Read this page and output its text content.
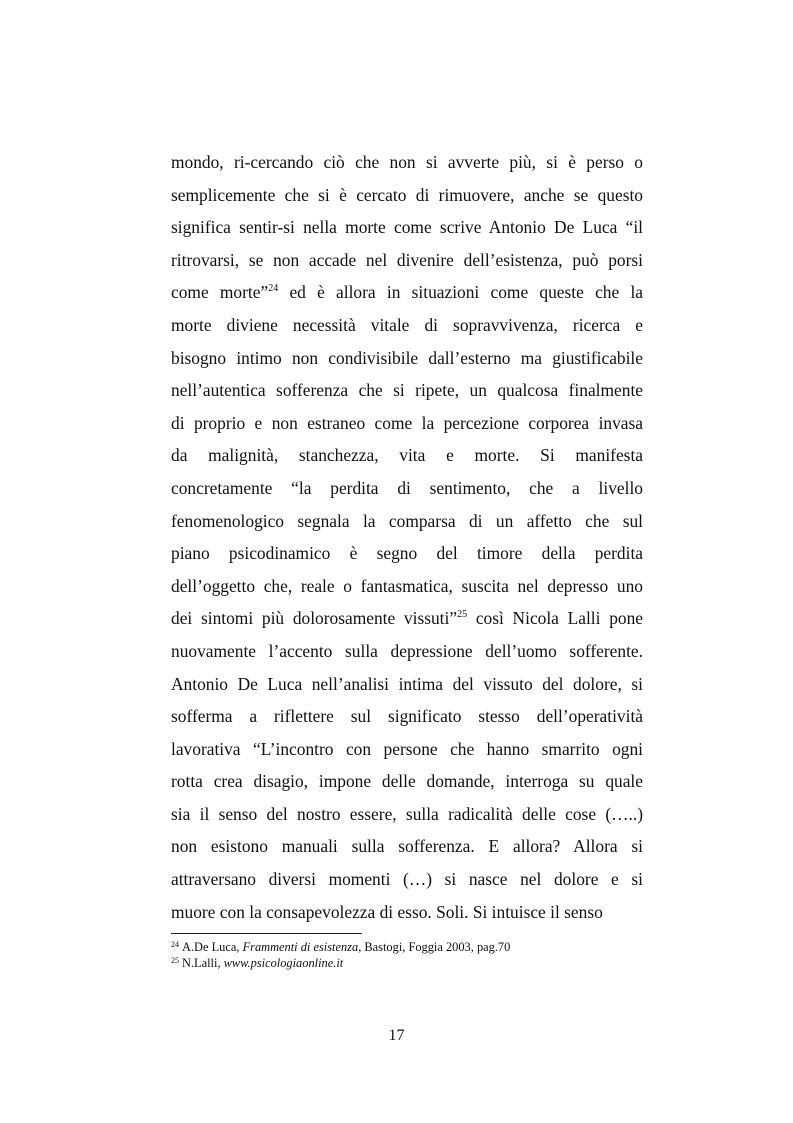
mondo, ri-cercando ciò che non si avverte più, si è perso o
semplicemente che si è cercato di rimuovere, anche se questo
significa sentir-si nella morte come scrive Antonio De Luca “il
ritrovarsi, se non accade nel divenire dell’esistenza, può porsi
come morte”$^{24}$ ed è allora in situazioni come queste che la
morte diviene necessità vitale di sopravvivenza, ricerca e
bisogno intimo non condivisibile dall’esterno ma giustificabile
nell’autentica sofferenza che si ripete, un qualcosa finalmente
di proprio e non estraneo come la percezione corporea invasa
da malignità, stanchezza, vita e morte. Si manifesta
concretamente “la perdita di sentimento, che a livello
fenomenologico segnala la comparsa di un affetto che sul
piano psicodinamico è segno del timore della perdita
dell’oggetto che, reale o fantasmatica, suscita nel depresso uno
dei sintomi più dolorosamente vissuti”$^{25}$ così Nicola Lalli pone
nuovamente l’accento sulla depressione dell’uomo sofferente.
Antonio De Luca nell’analisi intima del vissuto del dolore, si
sofferma a riflettere sul significato stesso dell’operatività
lavorativa “L’incontro con persone che hanno smarrito ogni
rotta crea disagio, impone delle domande, interroga su quale
sia il senso del nostro essere, sulla radicalità delle cose (…..)
non esistono manuali sulla sofferenza. E allora? Allora si
attraversano diversi momenti (…) si nasce nel dolore e si
muore con la consapevolezza di esso. Soli. Si intuisce il senso
$^{24}$ A.De Luca, Frammenti di esistenza, Bastogi, Foggia 2003, pag.70
$^{25}$ N.Lalli, www.psicologiaonline.it
17
